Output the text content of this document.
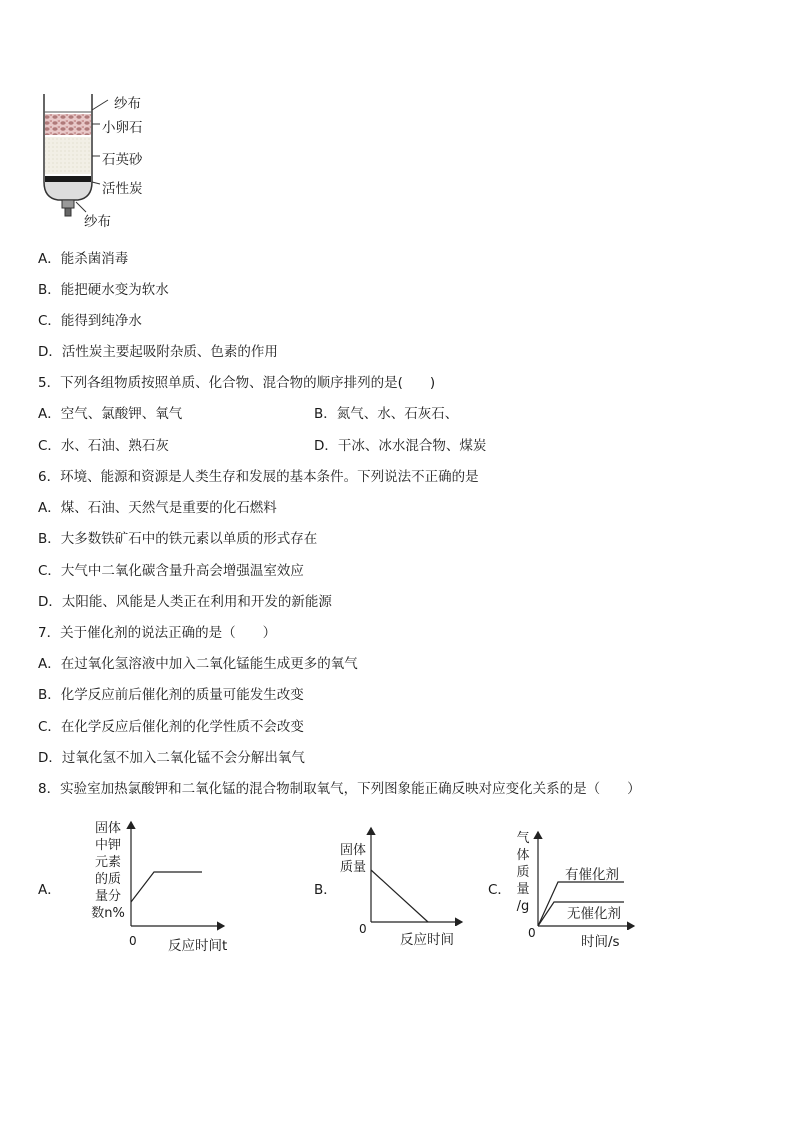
纱布
小卵石
石英砂
活性炭
纱布
A．能杀菌消毒
B．能把硬水变为软水
C．能得到纯净水
D．活性炭主要起吸附杂质、色素的作用
5．下列各组物质按照单质、化合物、混合物的顺序排列的是(　　)
A．空气、氯酸钾、氧气	B．氮气、水、石灰石、
C．水、石油、熟石灰	D．干冰、冰水混合物、煤炭
6．环境、能源和资源是人类生存和发展的基本条件。下列说法不正确的是
A．煤、石油、天然气是重要的化石燃料
B．大多数铁矿石中的铁元素以单质的形式存在
C．大气中二氧化碳含量升高会增强温室效应
D．太阳能、风能是人类正在利用和开发的新能源
7．关于催化剂的说法正确的是（　　）
A．在过氧化氢溶液中加入二氧化锰能生成更多的氧气
B．化学反应前后催化剂的质量可能发生改变
C．在化学反应后催化剂的化学性质不会改变
D．过氧化氢不加入二氧化锰不会分解出氧气
8．实验室加热氯酸钾和二氧化锰的混合物制取氧气，下列图象能正确反映对应变化关系的是（　　）
A．
固体
中钾
元素
的质
量分
数n%
0 反应时间t
B．
固体
质量
0
反应时间
C．
气
体
质
量
/g
有催化剂
无催化剂
0
时间/s
